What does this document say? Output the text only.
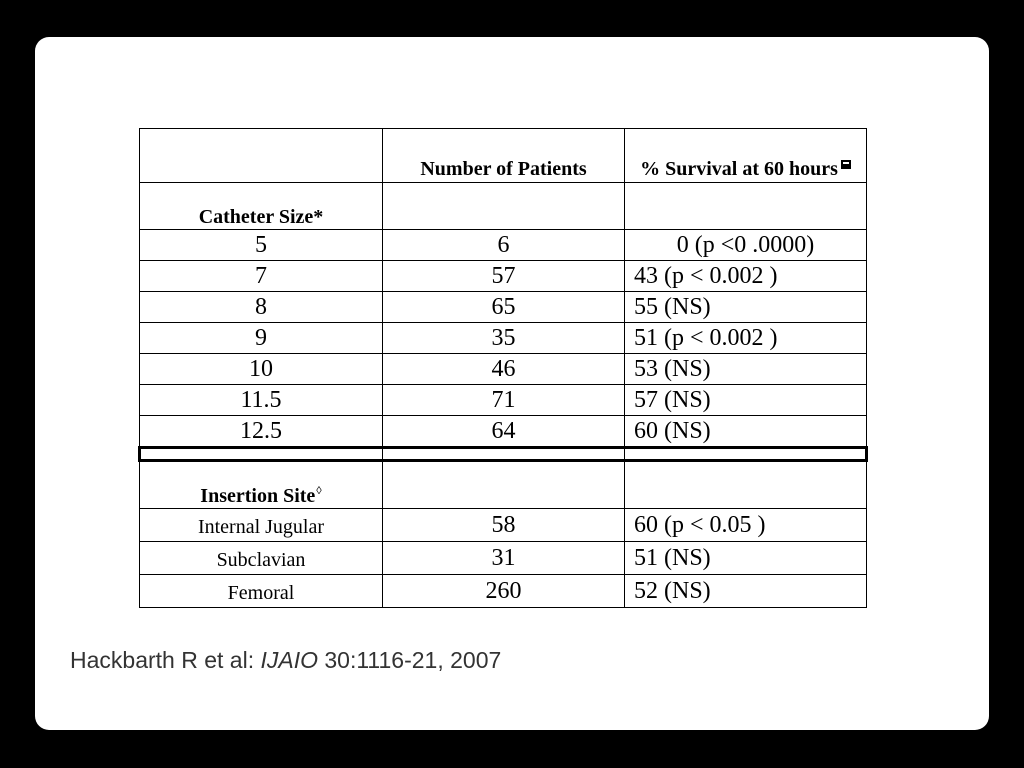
	Number of Patients	% Survival at 60 hours
Catheter Size*		
5	6	0 (p <0 .0000)
7	57	43 (p < 0.002 )
8	65	55 (NS)
9	35	51 (p < 0.002 )
10	46	53 (NS)
11.5	71	57 (NS)
12.5	64	60 (NS)

Insertion Site◊		
Internal Jugular	58	60 (p < 0.05 )
Subclavian	31	51 (NS)
Femoral	260	52 (NS)
Hackbarth R et al: IJAIO 30:1116-21, 2007
